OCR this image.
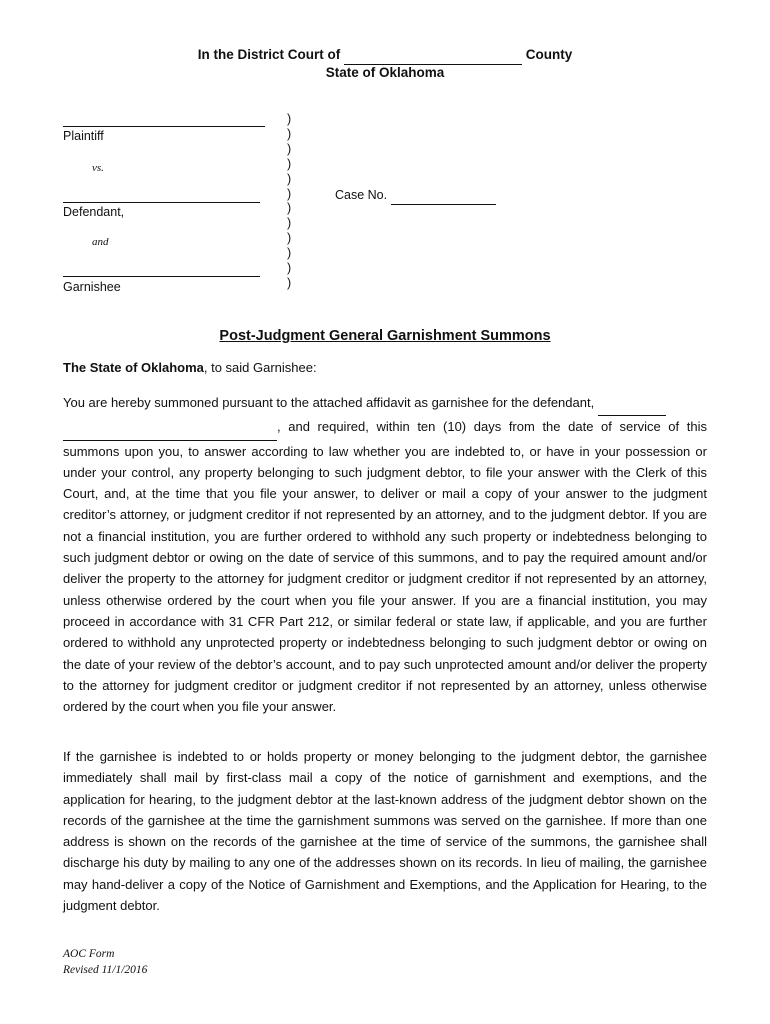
In the District Court of	County
State of Oklahoma
Plaintiff
vs.
Defendant,
and
Garnishee
)
)
)
)
)
)
)
)
)
)
)
)
Case No.
Post-Judgment General Garnishment Summons
The State of Oklahoma, to said Garnishee:

You are hereby summoned pursuant to the attached affidavit as garnishee for the defendant,
, and required, within ten (10) days from the date of service of this summons upon you, to answer according to law whether you are indebted to, or have in your possession or under your control, any property belonging to such judgment debtor, to file your answer with the Clerk of this Court, and, at the time that you file your answer, to deliver or mail a copy of your answer to the judgment creditor’s attorney, or judgment creditor if not represented by an attorney, and to the judgment debtor. If you are not a financial institution, you are further ordered to withhold any such property or indebtedness belonging to such judgment debtor or owing on the date of service of this summons, and to pay the required amount and/or deliver the property to the attorney for judgment creditor or judgment creditor if not represented by an attorney, unless otherwise ordered by the court when you file your answer. If you are a financial institution, you may proceed in accordance with 31 CFR Part 212, or similar federal or state law, if applicable, and you are further ordered to withhold any unprotected property or indebtedness belonging to such judgment debtor or owing on the date of your review of the debtor’s account, and to pay such unprotected amount and/or deliver the property to the attorney for judgment creditor or judgment creditor if not represented by an attorney, unless otherwise ordered by the court when you file your answer.

If the garnishee is indebted to or holds property or money belonging to the judgment debtor, the garnishee immediately shall mail by first-class mail a copy of the notice of garnishment and exemptions, and the application for hearing, to the judgment debtor at the last-known address of the judgment debtor shown on the records of the garnishee at the time the garnishment summons was served on the garnishee. If more than one address is shown on the records of the garnishee at the time of service of the summons, the garnishee shall discharge his duty by mailing to any one of the addresses shown on its records. In lieu of mailing, the garnishee may hand-deliver a copy of the Notice of Garnishment and Exemptions, and the Application for Hearing, to the judgment debtor.

AOC Form
Revised 11/1/2016
